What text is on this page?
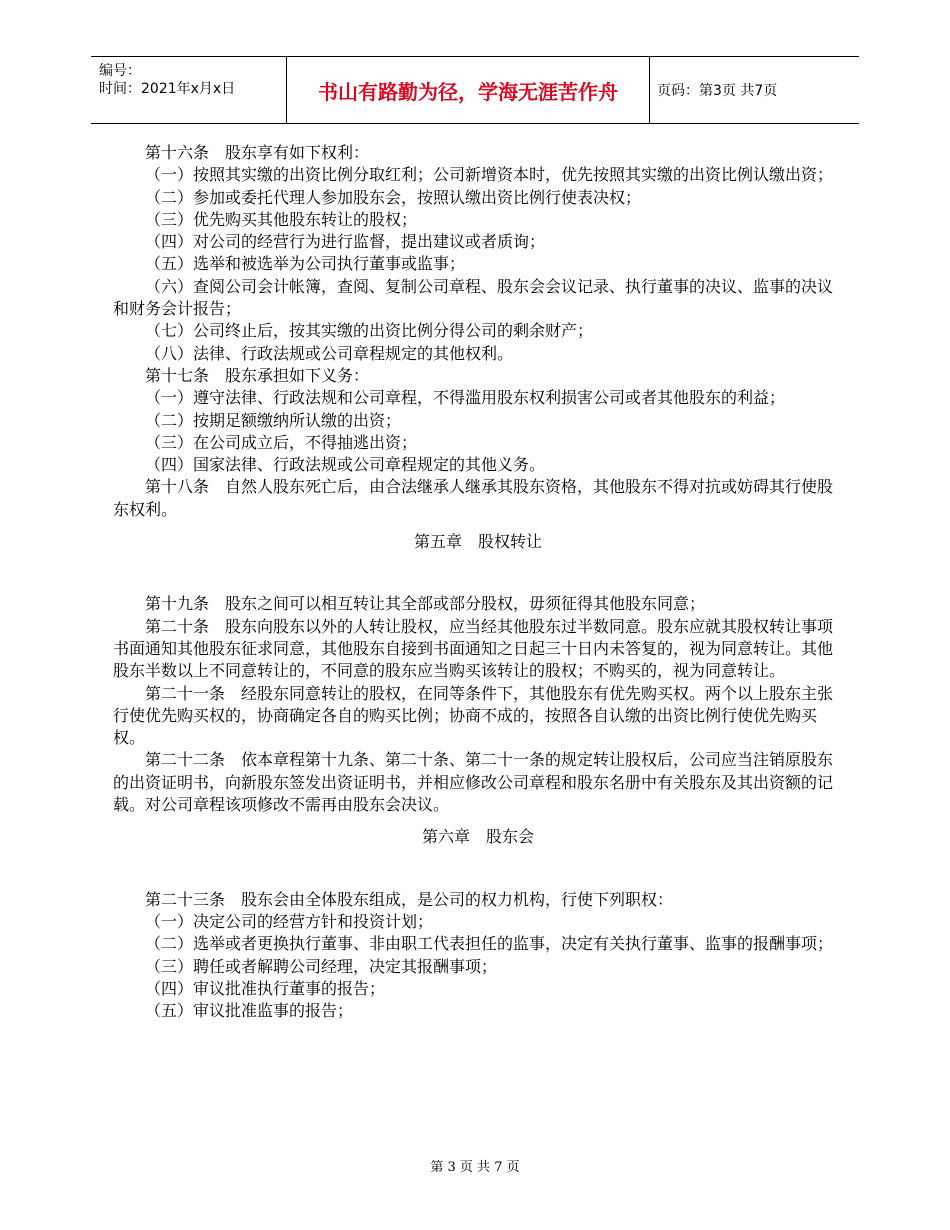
编号：
时间：2021年x月x日	书山有路勤为径，学海无涯苦作舟	页码：第3页 共7页

第十六条　股东享有如下权利：

（一）按照其实缴的出资比例分取红利；公司新增资本时，优先按照其实缴的出资比例认缴出资；

（二）参加或委托代理人参加股东会，按照认缴出资比例行使表决权；

（三）优先购买其他股东转让的股权；

（四）对公司的经营行为进行监督，提出建议或者质询；

（五）选举和被选举为公司执行董事或监事；

（六）查阅公司会计帐簿，查阅、复制公司章程、股东会会议记录、执行董事的决议、监事的决议和财务会计报告；

（七）公司终止后，按其实缴的出资比例分得公司的剩余财产；

（八）法律、行政法规或公司章程规定的其他权利。

第十七条　股东承担如下义务：

（一）遵守法律、行政法规和公司章程，不得滥用股东权利损害公司或者其他股东的利益；

（二）按期足额缴纳所认缴的出资；

（三）在公司成立后，不得抽逃出资；

（四）国家法律、行政法规或公司章程规定的其他义务。

第十八条　自然人股东死亡后，由合法继承人继承其股东资格，其他股东不得对抗或妨碍其行使股东权利。

第五章　股权转让

第十九条　股东之间可以相互转让其全部或部分股权，毋须征得其他股东同意；

第二十条　股东向股东以外的人转让股权，应当经其他股东过半数同意。股东应就其股权转让事项书面通知其他股东征求同意，其他股东自接到书面通知之日起三十日内未答复的，视为同意转让。其他股东半数以上不同意转让的，不同意的股东应当购买该转让的股权；不购买的，视为同意转让。

第二十一条　经股东同意转让的股权，在同等条件下，其他股东有优先购买权。两个以上股东主张行使优先购买权的，协商确定各自的购买比例；协商不成的，按照各自认缴的出资比例行使优先购买权。

第二十二条　依本章程第十九条、第二十条、第二十一条的规定转让股权后，公司应当注销原股东的出资证明书，向新股东签发出资证明书，并相应修改公司章程和股东名册中有关股东及其出资额的记载。对公司章程该项修改不需再由股东会决议。

第六章　股东会

第二十三条　股东会由全体股东组成，是公司的权力机构，行使下列职权：

（一）决定公司的经营方针和投资计划；

（二）选举或者更换执行董事、非由职工代表担任的监事，决定有关执行董事、监事的报酬事项；

（三）聘任或者解聘公司经理，决定其报酬事项；

（四）审议批准执行董事的报告；

（五）审议批准监事的报告；

第 3 页 共 7 页
